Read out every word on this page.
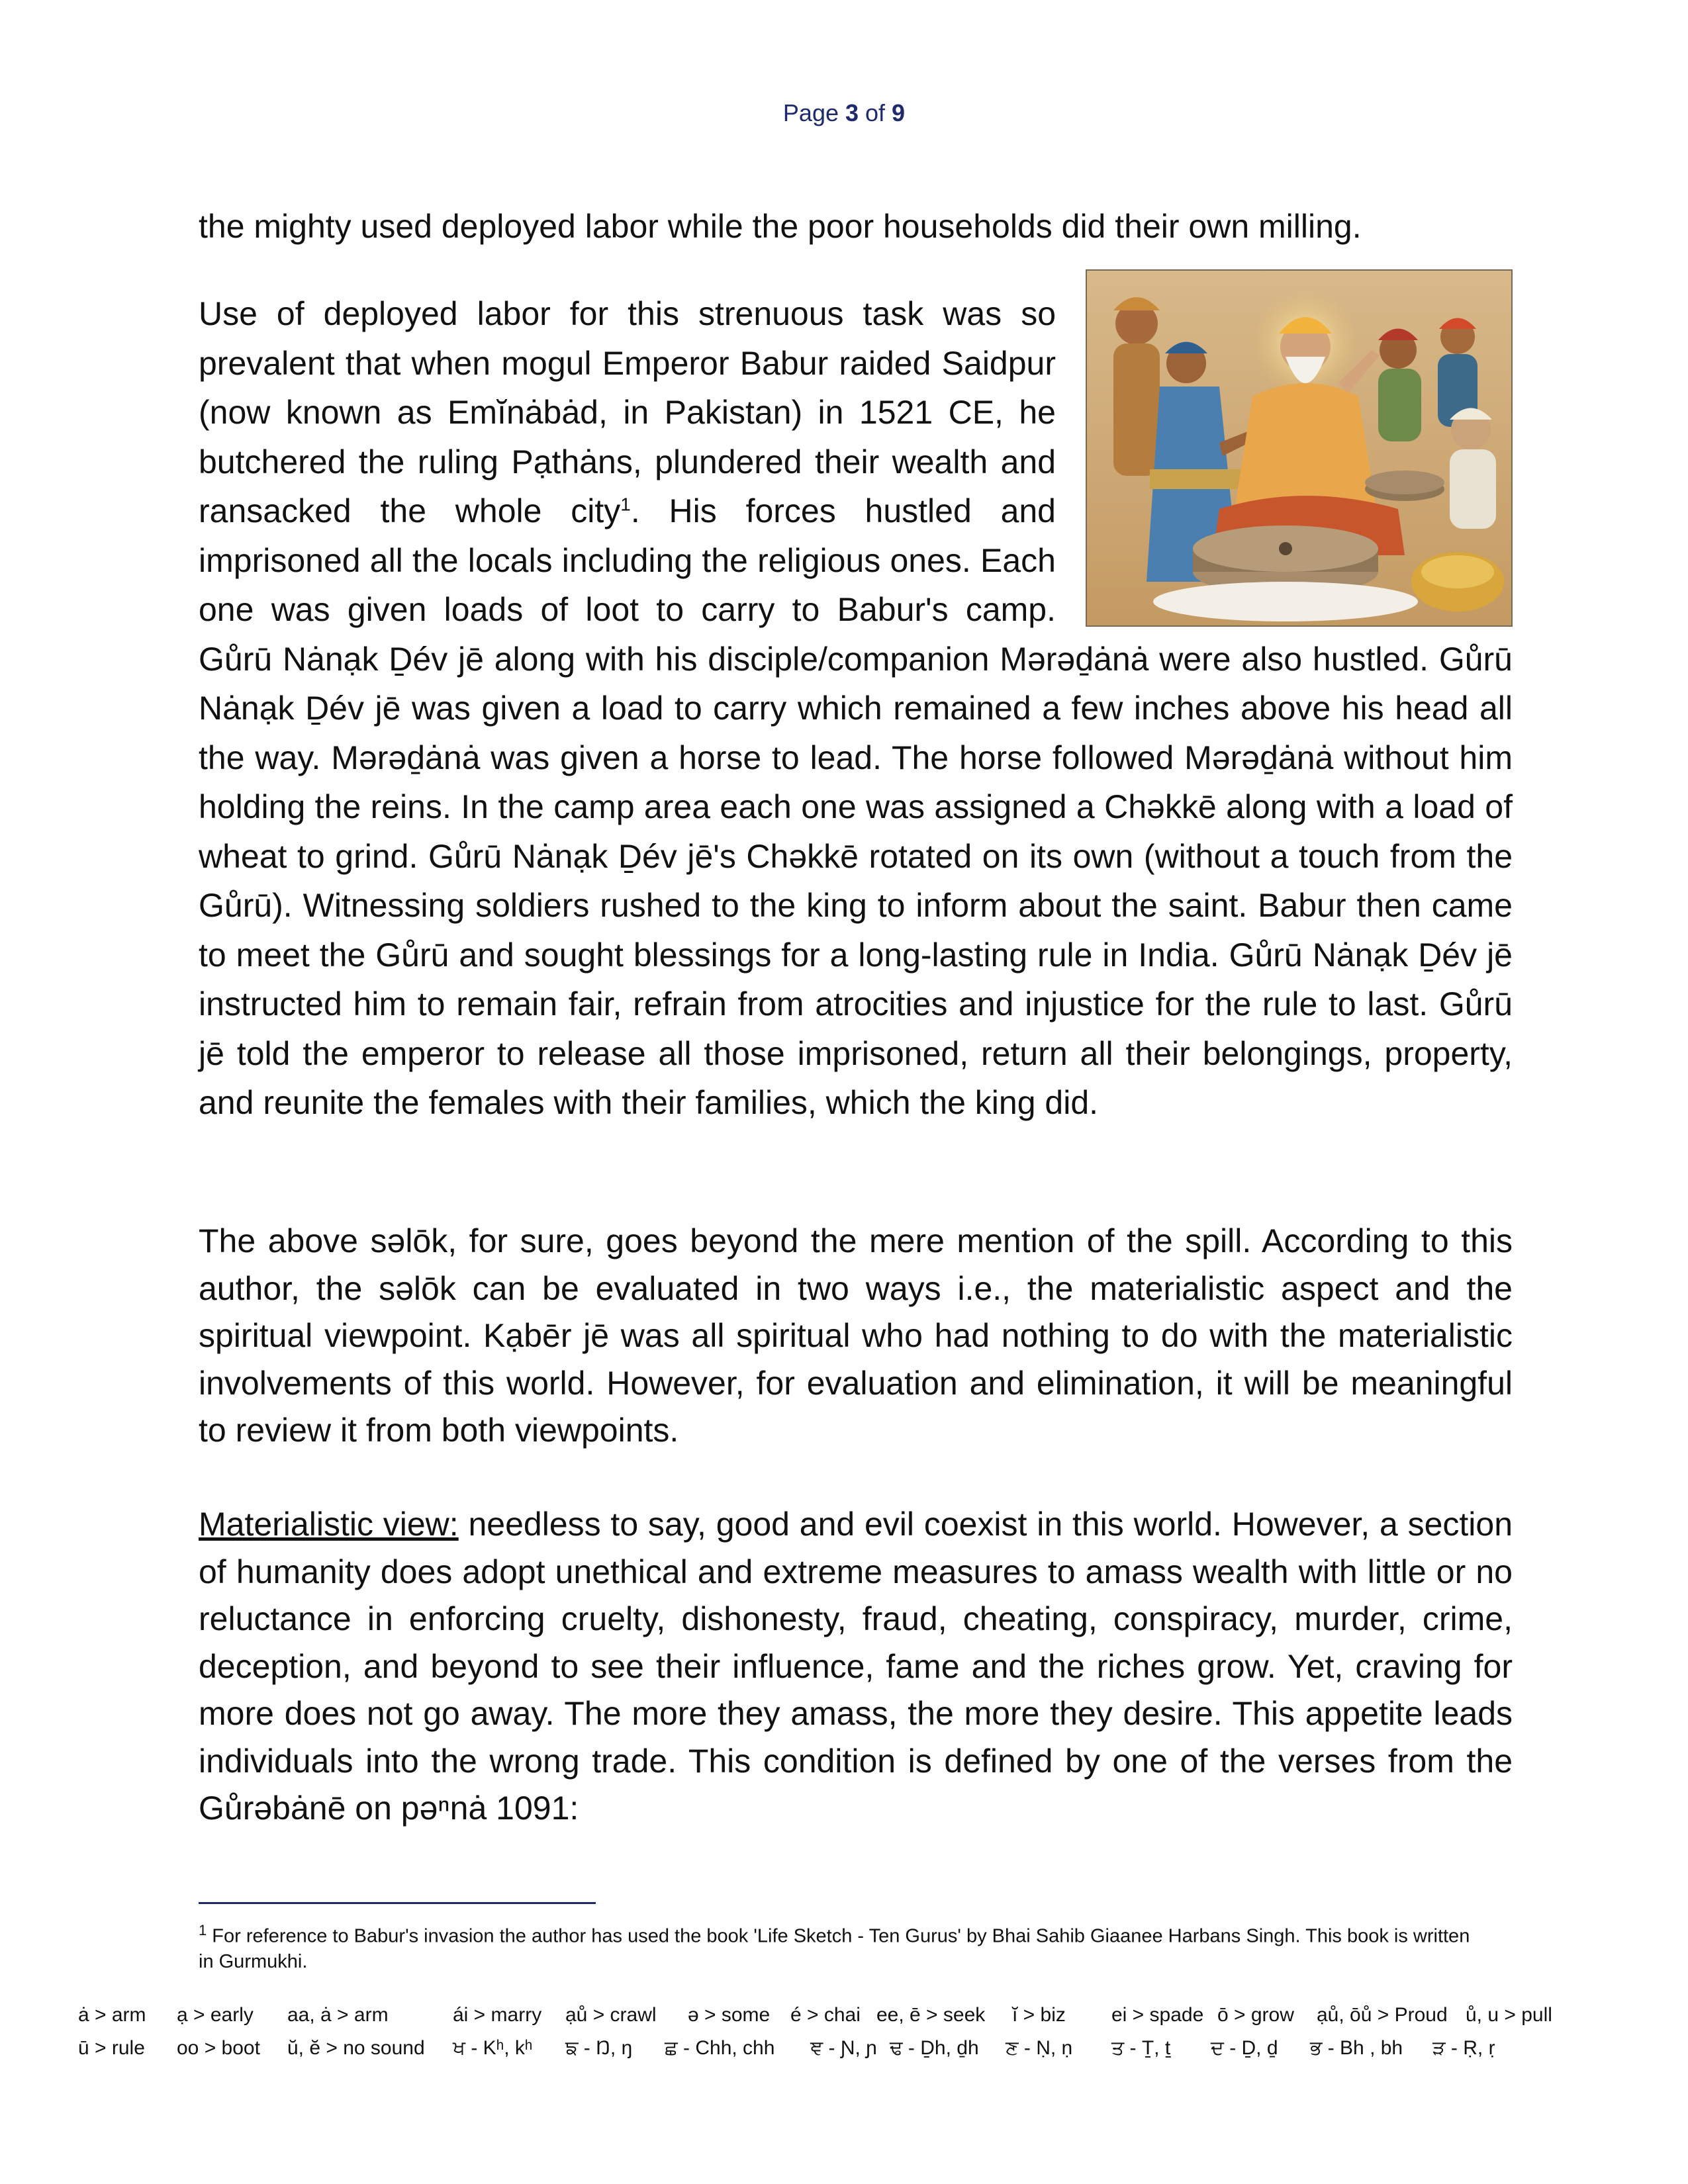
Page 3 of 9
the mighty used deployed labor while the poor households did their own milling.

Use of deployed labor for this strenuous task was so prevalent that when mogul Emperor Babur raided Saidpur (now known as Emĭnȧbȧd, in Pakistan) in 1521 CE, he butchered the ruling Pạthȧns, plundered their wealth and ransacked the whole city$^1$. His forces hustled and imprisoned all the locals including the religious ones. Each one was given loads of loot to carry to Babur's camp. Gůrū Nȧnạk Ḏév jē along with his disciple/companion Mərəḏȧnȧ were also hustled. Gůrū Nȧnạk Ḏév jē was given a load to carry which remained a few inches above his head all the way. Mərəḏȧnȧ was given a horse to lead. The horse followed Mərəḏȧnȧ without him holding the reins. In the camp area each one was assigned a Chəkkē along with a load of wheat to grind. Gůrū Nȧnạk Ḏév jē's Chəkkē rotated on its own (without a touch from the Gůrū). Witnessing soldiers rushed to the king to inform about the saint. Babur then came to meet the Gůrū and sought blessings for a long-lasting rule in India. Gůrū Nȧnạk Ḏév jē instructed him to remain fair, refrain from atrocities and injustice for the rule to last. Gůrū jē told the emperor to release all those imprisoned, return all their belongings, property, and reunite the females with their families, which the king did.

The above səlōk, for sure, goes beyond the mere mention of the spill. According to this author, the səlōk can be evaluated in two ways i.e., the materialistic aspect and the spiritual viewpoint. Kạbēr jē was all spiritual who had nothing to do with the materialistic involvements of this world. However, for evaluation and elimination, it will be meaningful to review it from both viewpoints.
Materialistic view: needless to say, good and evil coexist in this world. However, a section of humanity does adopt unethical and extreme measures to amass wealth with little or no reluctance in enforcing cruelty, dishonesty, fraud, cheating, conspiracy, murder, crime, deception, and beyond to see their influence, fame and the riches grow. Yet, craving for more does not go away. The more they amass, the more they desire. This appetite leads individuals into the wrong trade. This condition is defined by one of the verses from the Gůrəbȧnē on pəⁿnȧ 1091:
$^1$ For reference to Babur's invasion the author has used the book 'Life Sketch - Ten Gurus' by Bhai Sahib Giaanee Harbans Singh. This book is written in Gurmukhi.
ȧ > arm	ạ > early	aa, ȧ > arm	ái > marry	ạů > crawl	ə > some	é > chai ee, ē > seek	ĭ > biz	ei > spade ō > grow	ạů, ōů > Proud ů, u > pull
ū > rule	oo > boot	ŭ, ĕ > no sound	ਖ - Kʰ, kʰ	ਙ - Ŋ, ŋ	ਛ - Chh, chh	ਞ - Ɲ, ɲ ਢ - Ḏh, ḏh	ਣ - Ṇ, ṇ	ਤ - Ṯ, ṯ	ਦ - Ḏ, ḏ	ਭ - Bh , bh	ੜ - Ṛ, ṛ
